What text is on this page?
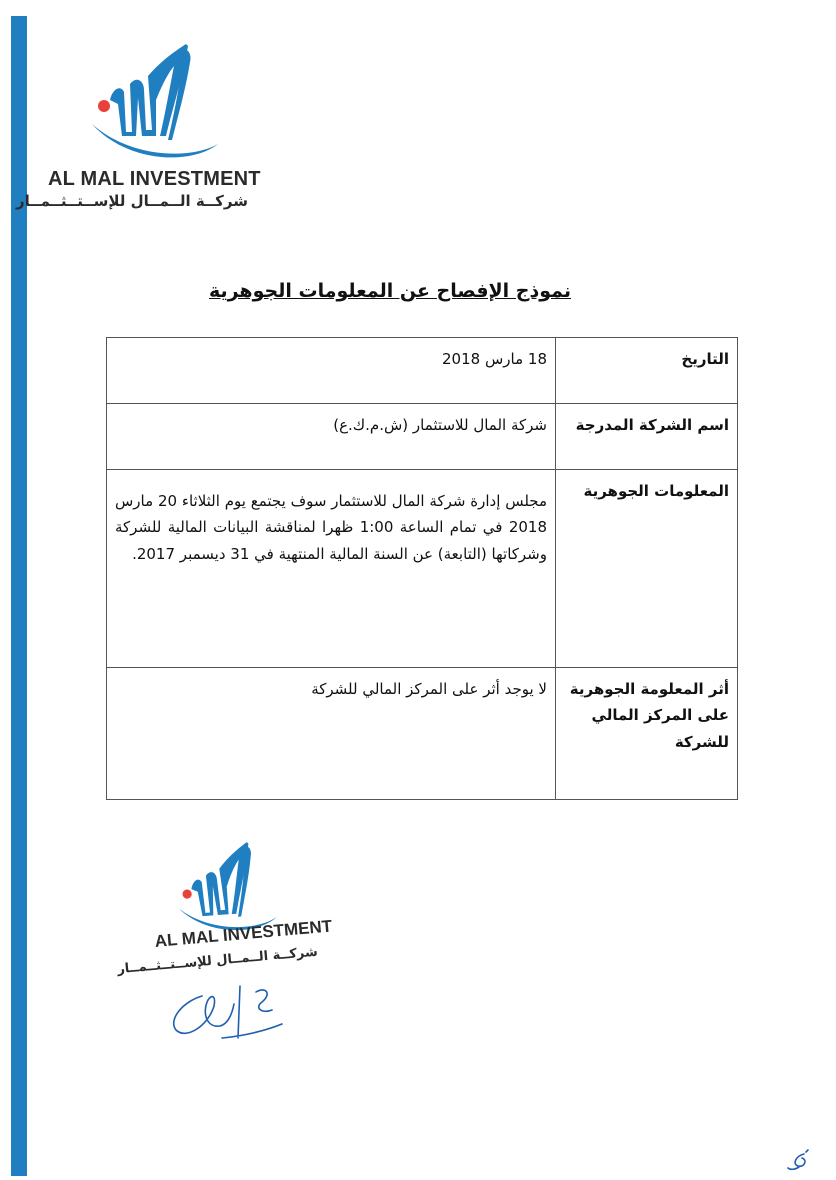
AL MAL INVESTMENT
شركــة الــمــال للإســتــثــمــار
نموذج الإفصاح عن المعلومات الجوهرية
التاريخ	18 مارس 2018
اسم الشركة المدرجة	شركة المال للاستثمار (ش.م.ك.ع)
المعلومات الجوهرية	مجلس إدارة شركة المال للاستثمار سوف يجتمع يوم الثلاثاء 20 مارس 2018 في تمام الساعة 1:00 ظهرا لمناقشة البيانات المالية للشركة وشركاتها (التابعة) عن السنة المالية المنتهية في 31 ديسمبر 2017.
أثر المعلومة الجوهرية على المركز المالي للشركة	لا يوجد أثر على المركز المالي للشركة
AL MAL INVESTMENT
شركــة الــمــال للإســتــثــمــار
